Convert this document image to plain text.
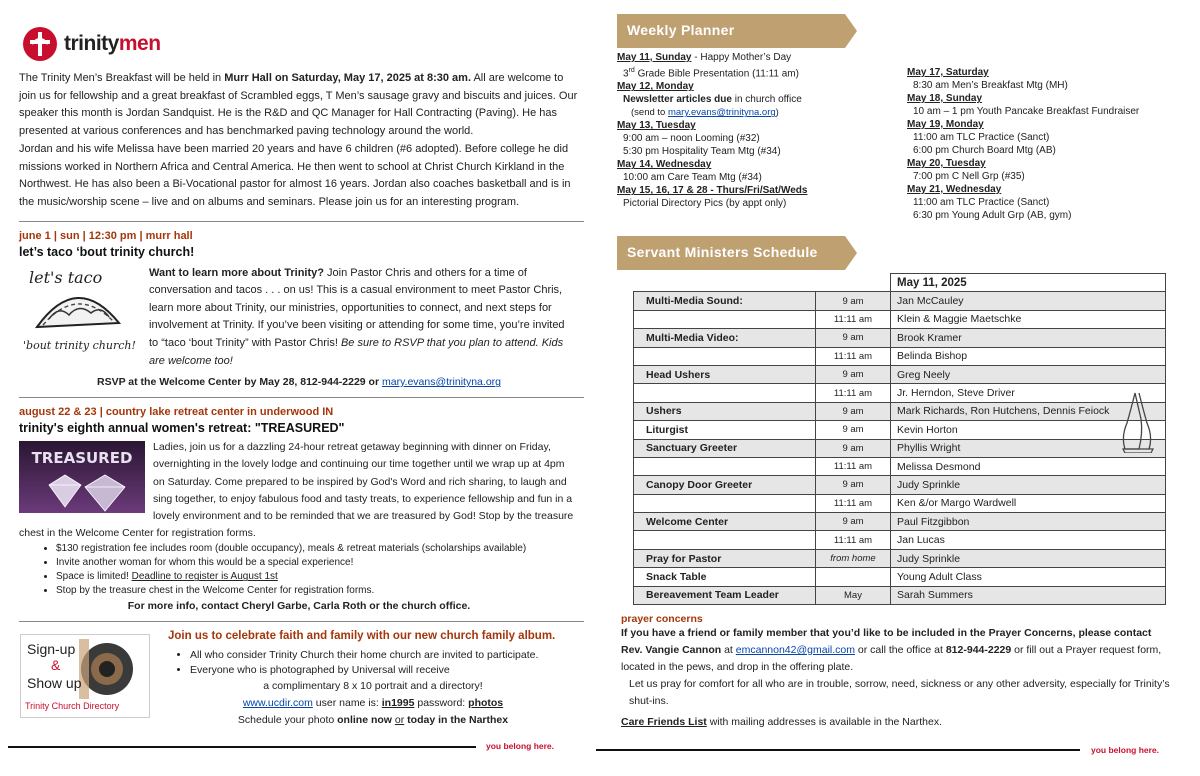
trinitymen

The Trinity Men’s Breakfast will be held in Murr Hall on Saturday, May 17, 2025 at 8:30 am. All are welcome to join us for fellowship and a great breakfast of Scrambled eggs, T Men’s sausage gravy and biscuits and juices. Our speaker this month is Jordan Sandquist. He is the R&D and QC Manager for Hall Contracting (Paving). He has presented at various conferences and has benchmarked paving technology around the world.

Jordan and his wife Melissa have been married 20 years and have 6 children (#6 adopted). Before college he did missions worked in Northern Africa and Central America. He then went to school at Christ Church Kirkland in the Northwest. He has also been a Bi-Vocational pastor for almost 16 years. Jordan also coaches basketball and is in the music/worship scene – live and on albums and seminars. Please join us for an interesting program.

june 1 | sun | 12:30 pm | murr hall
let’s taco ‘bout trinity church!
let's taco
'bout trinity church!
Want to learn more about Trinity? Join Pastor Chris and others for a time of conversation and tacos . . . on us! This is a casual environment to meet Pastor Chris, learn more about Trinity, our ministries, opportunities to connect, and next steps for involvement at Trinity. If you’ve been visiting or attending for some time, you’re invited to “taco ‘bout Trinity” with Pastor Chris! Be sure to RSVP that you plan to attend. Kids are welcome too!
RSVP at the Welcome Center by May 28, 812-944-2229 or mary.evans@trinityna.org
august 22 & 23 | country lake retreat center in underwood IN
trinity's eighth annual women's retreat: "TREASURED"
TREASURED
Ladies, join us for a dazzling 24-hour retreat getaway beginning with dinner on Friday, overnighting in the lovely lodge and continuing our time together until we wrap up at 4pm on Saturday. Come prepared to be inspired by God's Word and rich sharing, to laugh and sing together, to enjoy fabulous food and tasty treats, to experience fellowship and fun in a lovely environment and to be reminded that we are treasured by God! Stop by the treasure chest in the Welcome Center for registration forms.
• $130 registration fee includes room (double occupancy), meals & retreat materials (scholarships available)
• Invite another woman for whom this would be a special experience!
• Space is limited! Deadline to register is August 1st
• Stop by the treasure chest in the Welcome Center for registration forms.
For more info, contact Cheryl Garbe, Carla Roth or the church office.
Sign-up
&
Show up
Trinity Church Directory
Join us to celebrate faith and family with our new church family album.
• All who consider Trinity Church their home church are invited to participate.
• Everyone who is photographed by Universal will receive
a complimentary 8 x 10 portrait and a directory!
www.ucdir.com user name is: in1995 password: photos
Schedule your photo online now or today in the Narthex
you belong here.	you belong here.
Weekly Planner
May 11, Sunday - Happy Mother’s Day
3rd Grade Bible Presentation (11:11 am)
May 12, Monday
Newsletter articles due in church office
(send to mary.evans@trinityna.org)
May 13, Tuesday
9:00 am – noon Looming (#32)
5:30 pm Hospitality Team Mtg (#34)
May 14, Wednesday
10:00 am Care Team Mtg (#34)
May 15, 16, 17 & 28 - Thurs/Fri/Sat/Weds
Pictorial Directory Pics (by appt only)
May 17, Saturday
8:30 am Men’s Breakfast Mtg (MH)
May 18, Sunday
10 am – 1 pm Youth Pancake Breakfast Fundraiser
May 19, Monday
11:00 am TLC Practice (Sanct)
6:00 pm Church Board Mtg (AB)
May 20, Tuesday
7:00 pm C Nell Grp (#35)
May 21, Wednesday
11:00 am TLC Practice (Sanct)
6:30 pm Young Adult Grp (AB, gym)
Servant Ministers Schedule
		May 11, 2025
Multi-Media Sound:	9 am	Jan McCauley
	11:11 am	Klein & Maggie Maetschke
Multi-Media Video:	9 am	Brook Kramer
	11:11 am	Belinda Bishop
Head Ushers	9 am	Greg Neely
	11:11 am	Jr. Herndon, Steve Driver
Ushers	9 am	Mark Richards, Ron Hutchens, Dennis Feiock
Liturgist	9 am	Kevin Horton
Sanctuary Greeter	9 am	Phyllis Wright
	11:11 am	Melissa Desmond
Canopy Door Greeter	9 am	Judy Sprinkle
	11:11 am	Ken &/or Margo Wardwell
Welcome Center	9 am	Paul Fitzgibbon
	11:11 am	Jan Lucas
Pray for Pastor	from home	Judy Sprinkle
Snack Table		Young Adult Class
Bereavement Team Leader	May	Sarah Summers
prayer concerns
If you have a friend or family member that you’d like to be included in the Prayer Concerns, please contact
Rev. Vangie Cannon at emcannon42@gmail.com or call the office at 812-944-2229 or fill out a Prayer request form,
located in the pews, and drop in the offering plate.
Let us pray for comfort for all who are in trouble, sorrow, need, sickness or any other adversity, especially for Trinity’s shut-ins.
Care Friends List with mailing addresses is available in the Narthex.
